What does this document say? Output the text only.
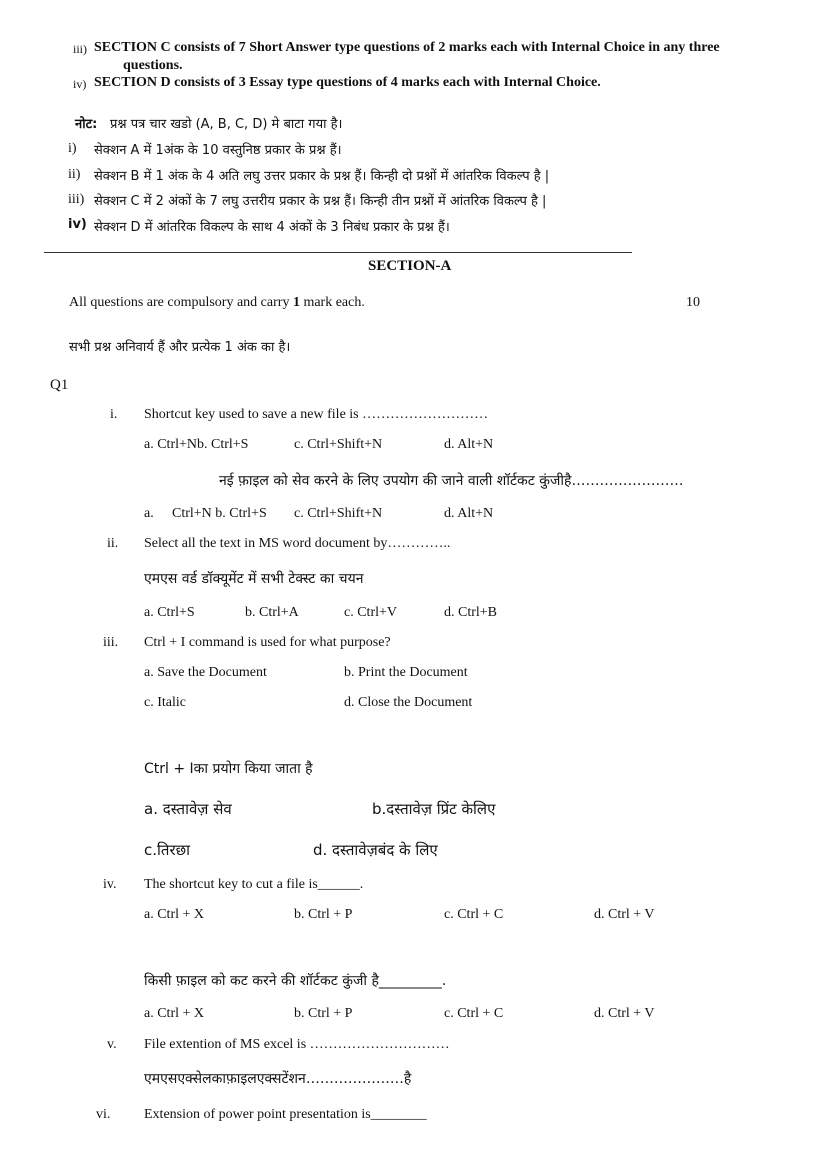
iii) SECTION C consists of 7 Short Answer type questions of 2 marks each with Internal Choice in any three
questions.
iv) SECTION D consists of 3 Essay type questions of 4 marks each with Internal Choice.
नोट: प्रश्न पत्र चार खडो (A, B, C, D) मे बाटा गया है।
i) सेक्शन A में 1अंक के 10 वस्तुनिष्ठ प्रकार के प्रश्न हैं।
ii) सेक्शन B में 1 अंक के 4 अति लघु उत्तर प्रकार के प्रश्न हैं। किन्ही दो प्रश्नों में आंतरिक विकल्प है |
iii) सेक्शन C में 2 अंकों के 7 लघु उत्तरीय प्रकार के प्रश्न हैं। किन्ही तीन प्रश्नों में आंतरिक विकल्प है |
iv) सेक्शन D में आंतरिक विकल्प के साथ 4 अंकों के 3 निबंध प्रकार के प्रश्न हैं।
SECTION-A
All questions are compulsory and carry 1 mark each.	10
सभी प्रश्न अनिवार्य हैं और प्रत्येक 1 अंक का है।
Q1
i. Shortcut key used to save a new file is ………………………
a. Ctrl+Nb. Ctrl+S	c. Ctrl+Shift+N	d. Alt+N
नई फ़ाइल को सेव करने के लिए उपयोग की जाने वाली शॉर्टकट कुंजीहै……………………
a. Ctrl+N b. Ctrl+S c. Ctrl+Shift+N	d. Alt+N
ii. Select all the text in MS word document by…………..
एमएस वर्ड डॉक्यूमेंट में सभी टेक्स्ट का चयन
a. Ctrl+S	b. Ctrl+A	c. Ctrl+V	d. Ctrl+B
iii. Ctrl + I command is used for what purpose?
a. Save the Document	b. Print the Document
c. Italic	d. Close the Document
Ctrl + Iका प्रयोग किया जाता है
a. दस्तावेज़ सेव	b.दस्तावेज़ प्रिंट केलिए
c.तिरछा	d. दस्तावेज़बंद के लिए
iv. The shortcut key to cut a file is______.
a. Ctrl + X	b. Ctrl + P	c. Ctrl + C	d. Ctrl + V
किसी फ़ाइल को कट करने की शॉर्टकट कुंजी है_________.
a. Ctrl + X	b. Ctrl + P	c. Ctrl + C	d. Ctrl + V
v. File extention of MS excel is …………………………
एमएसएक्सेलकाफ़ाइलएक्सटेंशन…………………है
vi. Extension of power point presentation is________
